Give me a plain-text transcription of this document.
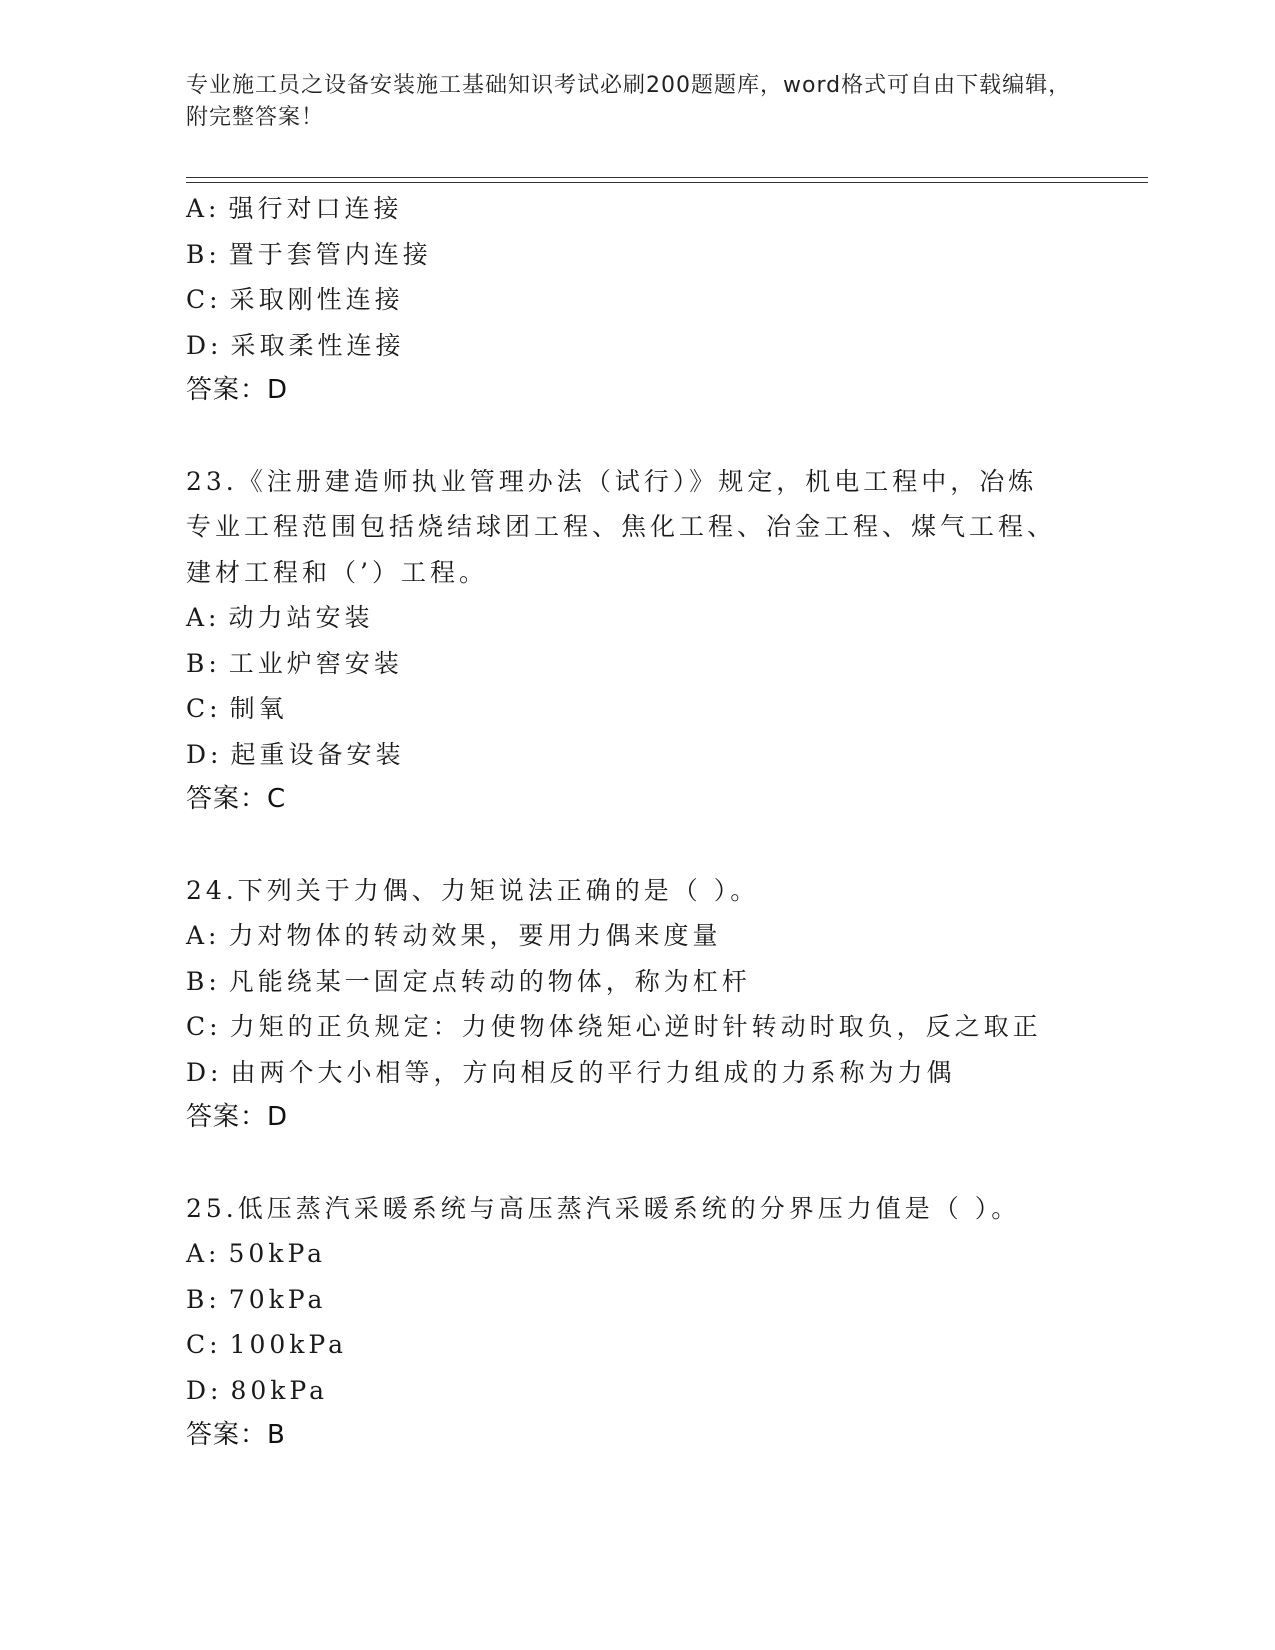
专业施工员之设备安装施工基础知识考试必刷200题题库，word格式可自由下载编辑，附完整答案！
A: 强行对口连接
B: 置于套管内连接
C: 采取刚性连接
D: 采取柔性连接
答案：D
23.《注册建造师执业管理办法（试行）》规定，机电工程中，冶炼专业工程范围包括烧结球团工程、焦化工程、冶金工程、煤气工程、建材工程和（’）工程。
A: 动力站安装
B: 工业炉窖安装
C: 制氧
D: 起重设备安装
答案：C
24.下列关于力偶、力矩说法正确的是（ ）。
A: 力对物体的转动效果，要用力偶来度量
B: 凡能绕某一固定点转动的物体，称为杠杆
C: 力矩的正负规定：力使物体绕矩心逆时针转动时取负，反之取正
D: 由两个大小相等，方向相反的平行力组成的力系称为力偶
答案：D
25.低压蒸汽采暖系统与高压蒸汽采暖系统的分界压力值是（ ）。
A: 50kPa
B: 70kPa
C: 100kPa
D: 80kPa
答案：B
